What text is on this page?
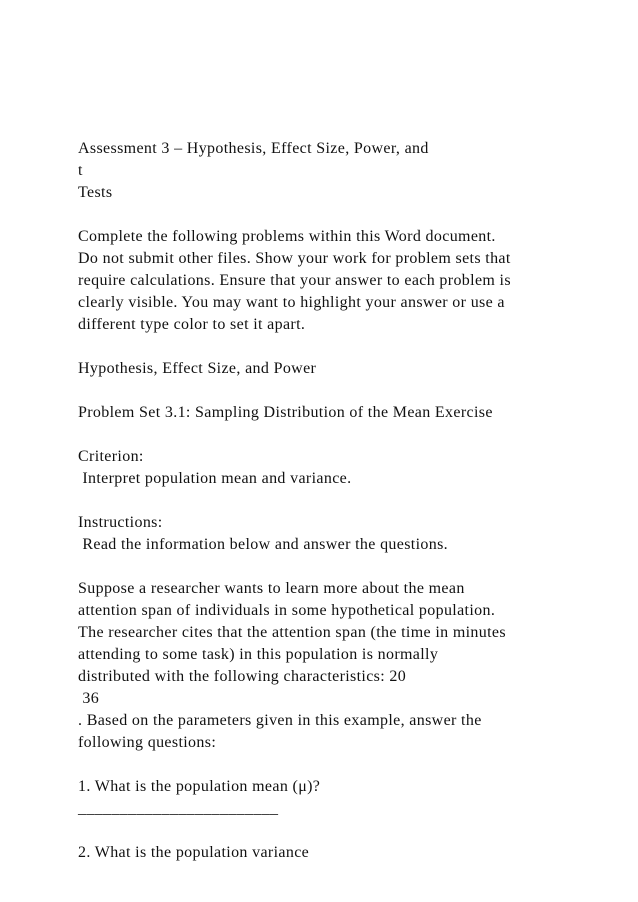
Assessment 3 – Hypothesis, Effect Size, Power, and
t
Tests
Complete the following problems within this Word document.
Do not submit other files. Show your work for problem sets that
require calculations. Ensure that your answer to each problem is
clearly visible. You may want to highlight your answer or use a
different type color to set it apart.
Hypothesis, Effect Size, and Power
Problem Set 3.1: Sampling Distribution of the Mean Exercise
Criterion:
Interpret population mean and variance.
Instructions:
Read the information below and answer the questions.
Suppose a researcher wants to learn more about the mean
attention span of individuals in some hypothetical population.
The researcher cites that the attention span (the time in minutes
attending to some task) in this population is normally
distributed with the following characteristics: 20
36
. Based on the parameters given in this example, answer the
following questions:
1. What is the population mean (μ)?
________________________
2. What is the population variance
